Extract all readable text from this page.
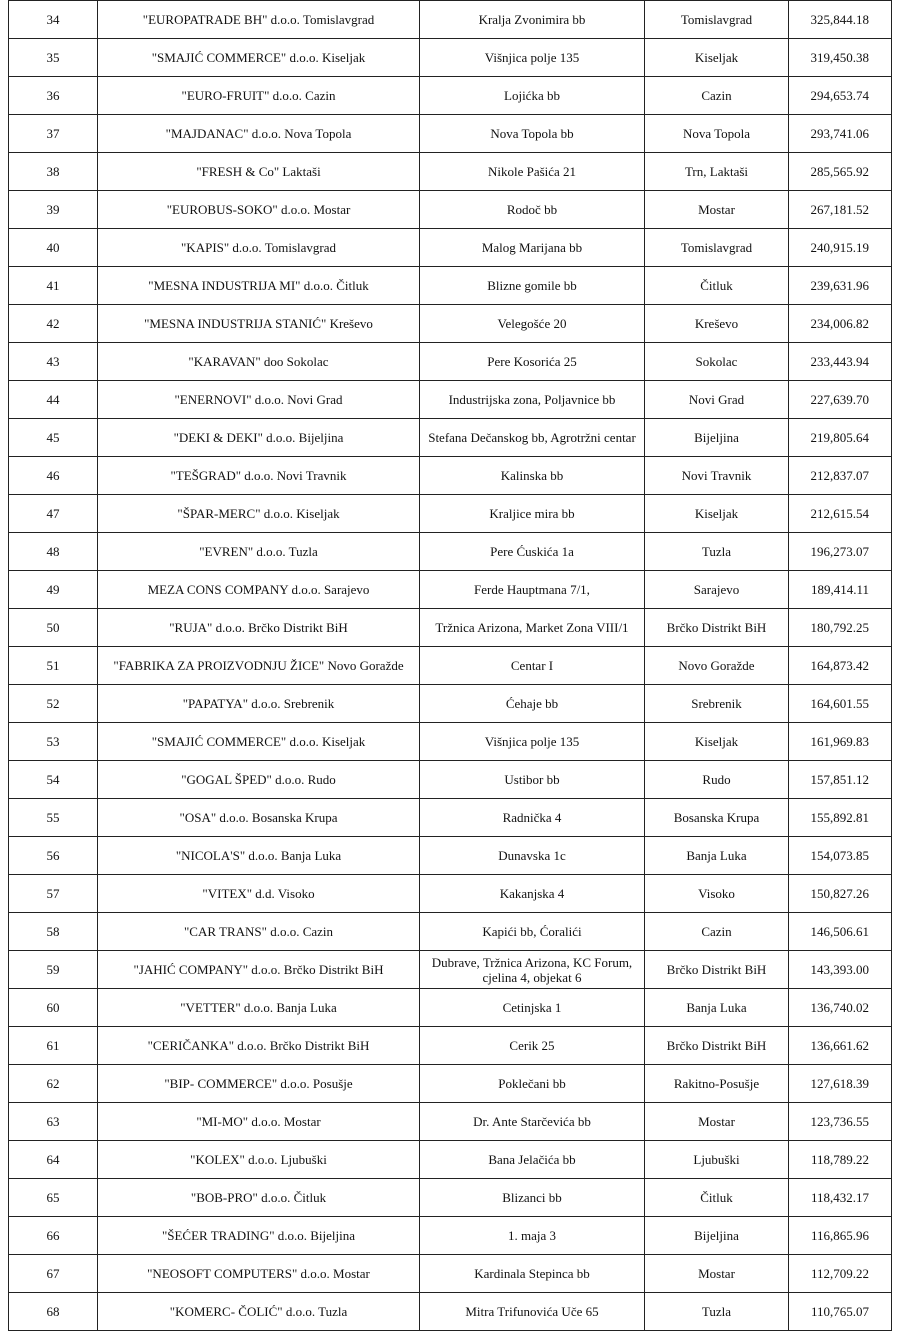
34	"EUROPATRADE BH" d.o.o. Tomislavgrad	Kralja Zvonimira bb	Tomislavgrad	325,844.18
35	"SMAJIĆ COMMERCE" d.o.o. Kiseljak	Višnjica polje 135	Kiseljak	319,450.38
36	"EURO-FRUIT" d.o.o. Cazin	Lojićka bb	Cazin	294,653.74
37	"MAJDANAC" d.o.o. Nova Topola	Nova Topola bb	Nova Topola	293,741.06
38	"FRESH & Co" Laktaši	Nikole Pašića 21	Trn, Laktaši	285,565.92
39	"EUROBUS-SOKO" d.o.o. Mostar	Rodoč bb	Mostar	267,181.52
40	"KAPIS" d.o.o. Tomislavgrad	Malog Marijana bb	Tomislavgrad	240,915.19
41	"MESNA INDUSTRIJA MI" d.o.o. Čitluk	Blizne gomile bb	Čitluk	239,631.96
42	"MESNA INDUSTRIJA STANIĆ" Kreševo	Velegošće 20	Kreševo	234,006.82
43	"KARAVAN" doo Sokolac	Pere Kosorića 25	Sokolac	233,443.94
44	"ENERNOVI" d.o.o. Novi Grad	Industrijska zona, Poljavnice bb	Novi Grad	227,639.70
45	"DEKI & DEKI" d.o.o. Bijeljina	Stefana Dečanskog bb, Agrotržni centar	Bijeljina	219,805.64
46	"TEŠGRAD" d.o.o. Novi Travnik	Kalinska bb	Novi Travnik	212,837.07
47	"ŠPAR-MERC" d.o.o. Kiseljak	Kraljice mira bb	Kiseljak	212,615.54
48	"EVREN" d.o.o. Tuzla	Pere Ćuskića 1a	Tuzla	196,273.07
49	MEZA CONS COMPANY d.o.o. Sarajevo	Ferde Hauptmana 7/1,	Sarajevo	189,414.11
50	"RUJA" d.o.o. Brčko Distrikt BiH	Tržnica Arizona, Market Zona VIII/1	Brčko Distrikt BiH	180,792.25
51	"FABRIKA ZA PROIZVODNJU ŽICE" Novo Goražde	Centar I	Novo Goražde	164,873.42
52	"PAPATYA" d.o.o. Srebrenik	Ćehaje bb	Srebrenik	164,601.55
53	"SMAJIĆ COMMERCE" d.o.o. Kiseljak	Višnjica polje 135	Kiseljak	161,969.83
54	"GOGAL ŠPED" d.o.o. Rudo	Ustibor bb	Rudo	157,851.12
55	"OSA" d.o.o. Bosanska Krupa	Radnička 4	Bosanska Krupa	155,892.81
56	"NICOLA'S" d.o.o. Banja Luka	Dunavska 1c	Banja Luka	154,073.85
57	"VITEX" d.d. Visoko	Kakanjska 4	Visoko	150,827.26
58	"CAR TRANS" d.o.o. Cazin	Kapići bb, Ćoralići	Cazin	146,506.61
59	"JAHIĆ COMPANY" d.o.o. Brčko Distrikt BiH	Dubrave, Tržnica Arizona, KC Forum, cjelina 4, objekat 6	Brčko Distrikt BiH	143,393.00
60	"VETTER" d.o.o. Banja Luka	Cetinjska 1	Banja Luka	136,740.02
61	"CERIČANKA" d.o.o. Brčko Distrikt BiH	Cerik 25	Brčko Distrikt BiH	136,661.62
62	"BIP- COMMERCE" d.o.o. Posušje	Poklečani bb	Rakitno-Posušje	127,618.39
63	"MI-MO" d.o.o. Mostar	Dr. Ante Starčevića bb	Mostar	123,736.55
64	"KOLEX" d.o.o. Ljubuški	Bana Jelačića bb	Ljubuški	118,789.22
65	"BOB-PRO" d.o.o. Čitluk	Blizanci bb	Čitluk	118,432.17
66	"ŠEĆER TRADING" d.o.o. Bijeljina	1. maja 3	Bijeljina	116,865.96
67	"NEOSOFT COMPUTERS" d.o.o. Mostar	Kardinala Stepinca bb	Mostar	112,709.22
68	"KOMERC- ČOLIĆ" d.o.o. Tuzla	Mitra Trifunovića Uče 65	Tuzla	110,765.07
